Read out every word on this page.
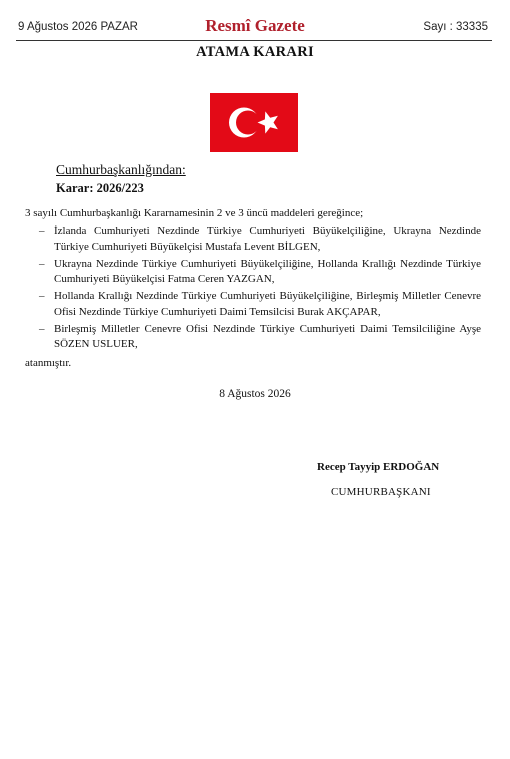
9 Ağustos 2026 PAZAR	Resmî Gazete	Sayı : 33335
ATAMA KARARI
Cumhurbaşkanlığından:
Karar: 2026/223
3 sayılı Cumhurbaşkanlığı Kararnamesinin 2 ve 3 üncü maddeleri gereğince;
– İzlanda Cumhuriyeti Nezdinde Türkiye Cumhuriyeti Büyükelçiliğine, Ukrayna Nezdinde Türkiye Cumhuriyeti Büyükelçisi Mustafa Levent BİLGEN,
– Ukrayna Nezdinde Türkiye Cumhuriyeti Büyükelçiliğine, Hollanda Krallığı Nezdinde Türkiye Cumhuriyeti Büyükelçisi Fatma Ceren YAZGAN,
– Hollanda Krallığı Nezdinde Türkiye Cumhuriyeti Büyükelçiliğine, Birleşmiş Milletler Cenevre Ofisi Nezdinde Türkiye Cumhuriyeti Daimi Temsilcisi Burak AKÇAPAR,
– Birleşmiş Milletler Cenevre Ofisi Nezdinde Türkiye Cumhuriyeti Daimi Temsilciliğine Ayşe SÖZEN USLUER,
atanmıştır.
8 Ağustos 2026
Recep Tayyip ERDOĞAN
CUMHURBAŞKANI
